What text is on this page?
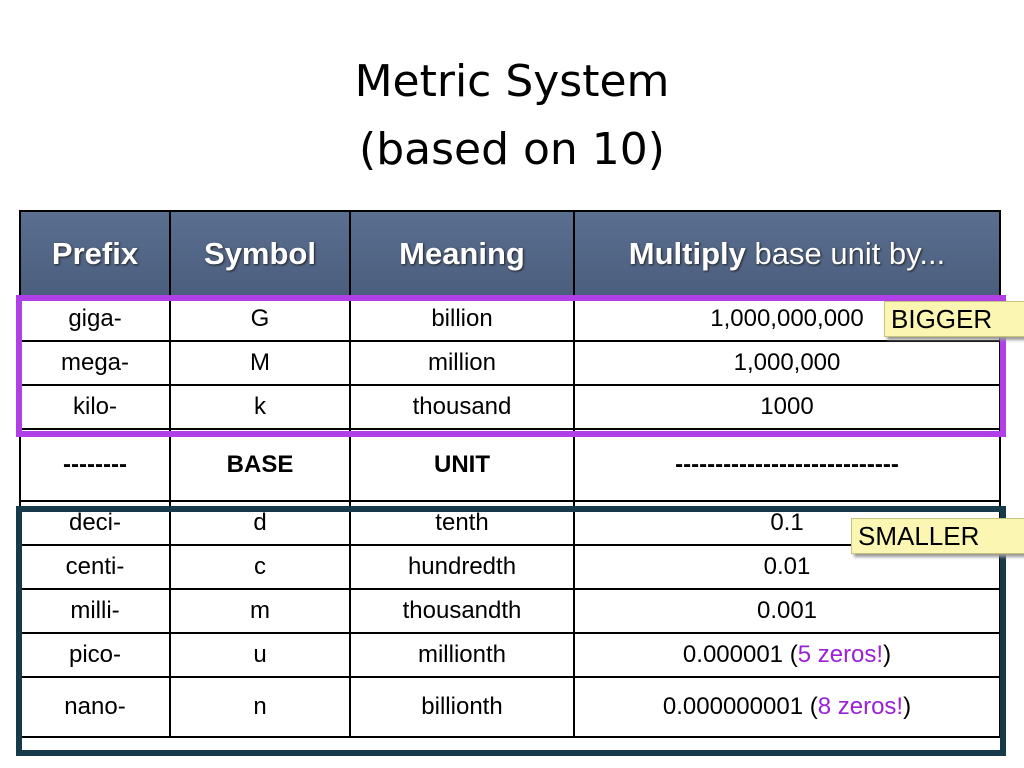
Metric System
(based on 10)
Prefix	Symbol	Meaning	Multiply base unit by...
giga-	G	billion	1,000,000,000
mega-	M	million	1,000,000
kilo-	k	thousand	1000
--------	BASE	UNIT	----------------------------
deci-	d	tenth	0.1
centi-	c	hundredth	0.01
milli-	m	thousandth	0.001
pico-	u	millionth	0.000001 (5 zeros!)
nano-	n	billionth	0.000000001 (8 zeros!)
BIGGER
SMALLER
